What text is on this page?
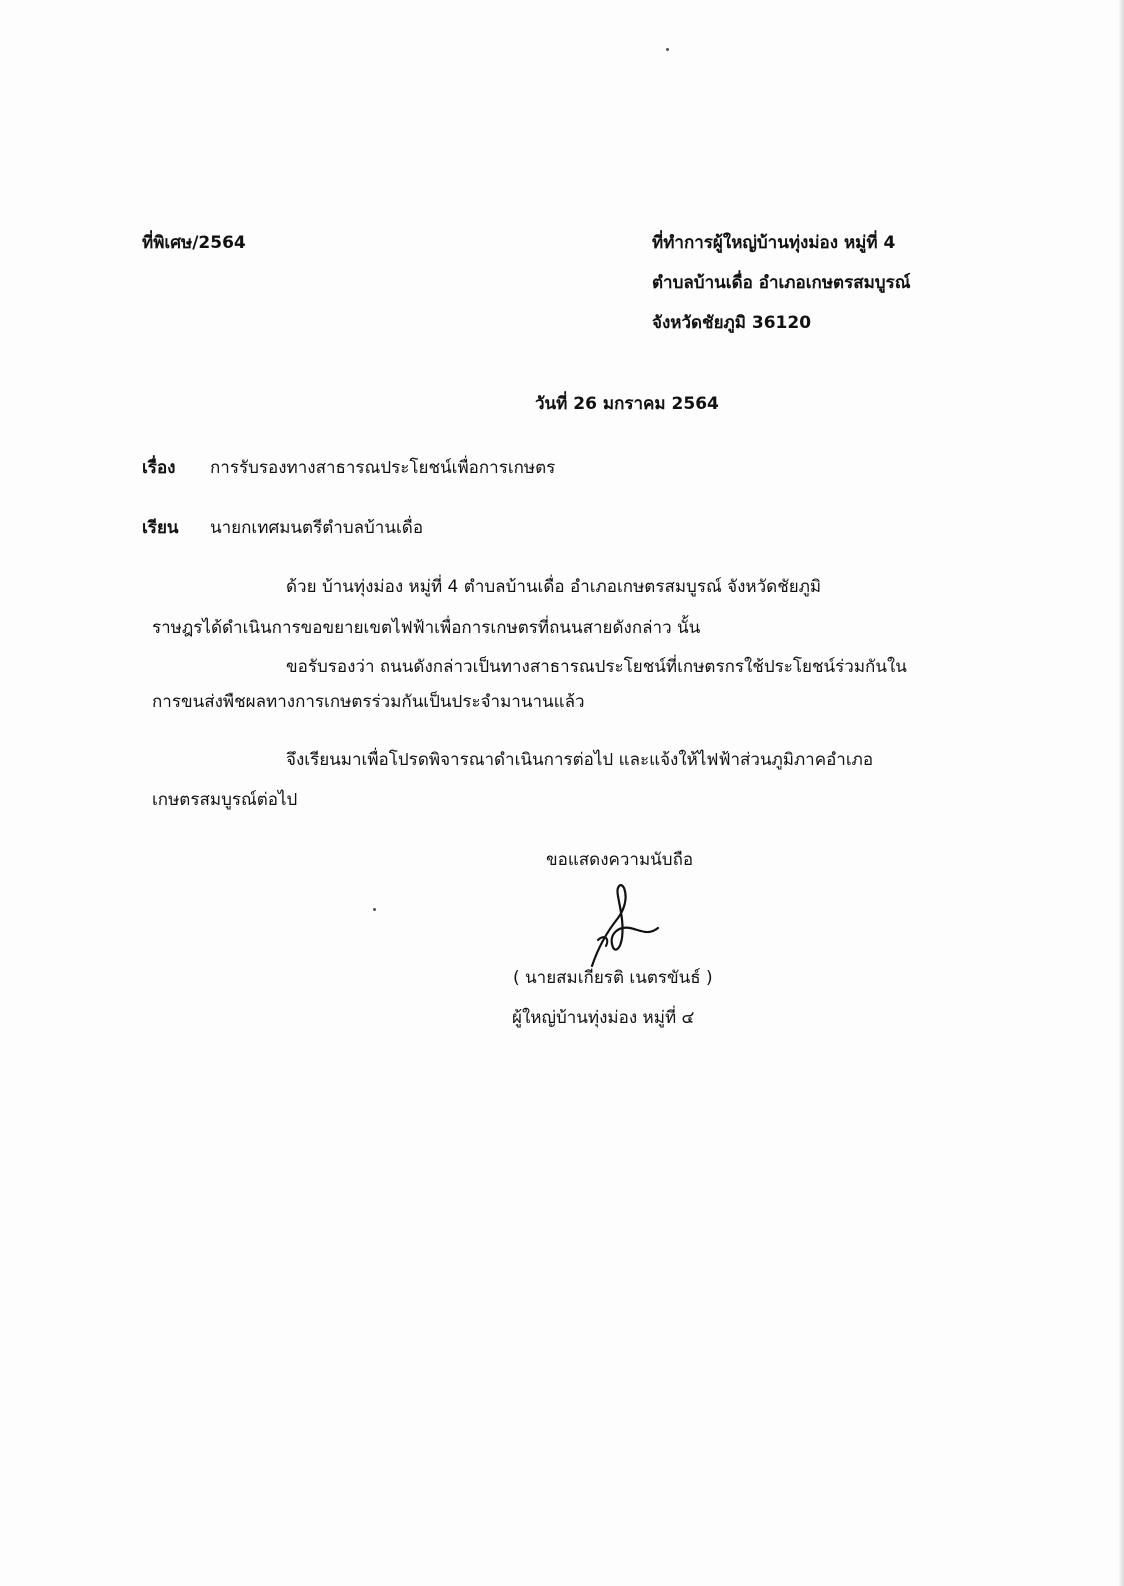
ที่พิเศษ/2564	ที่ทำการผู้ใหญ่บ้านทุ่งม่อง หมู่ที่ 4
ตำบลบ้านเดื่อ อำเภอเกษตรสมบูรณ์
จังหวัดชัยภูมิ 36120
วันที่ 26 มกราคม 2564
เรื่อง การรับรองทางสาธารณประโยชน์เพื่อการเกษตร
เรียน นายกเทศมนตรีตำบลบ้านเดื่อ
ด้วย บ้านทุ่งม่อง หมู่ที่ 4 ตำบลบ้านเดื่อ อำเภอเกษตรสมบูรณ์ จังหวัดชัยภูมิ
ราษฎรได้ดำเนินการขอขยายเขตไฟฟ้าเพื่อการเกษตรที่ถนนสายดังกล่าว นั้น
ขอรับรองว่า ถนนดังกล่าวเป็นทางสาธารณประโยชน์ที่เกษตรกรใช้ประโยชน์ร่วมกันใน
การขนส่งพืชผลทางการเกษตรร่วมกันเป็นประจำมานานแล้ว
จึงเรียนมาเพื่อโปรดพิจารณาดำเนินการต่อไป และแจ้งให้ไฟฟ้าส่วนภูมิภาคอำเภอ
เกษตรสมบูรณ์ต่อไป
ขอแสดงความนับถือ
( นายสมเกียรติ เนตรขันธ์ )
ผู้ใหญ่บ้านทุ่งม่อง หมู่ที่ ๔
